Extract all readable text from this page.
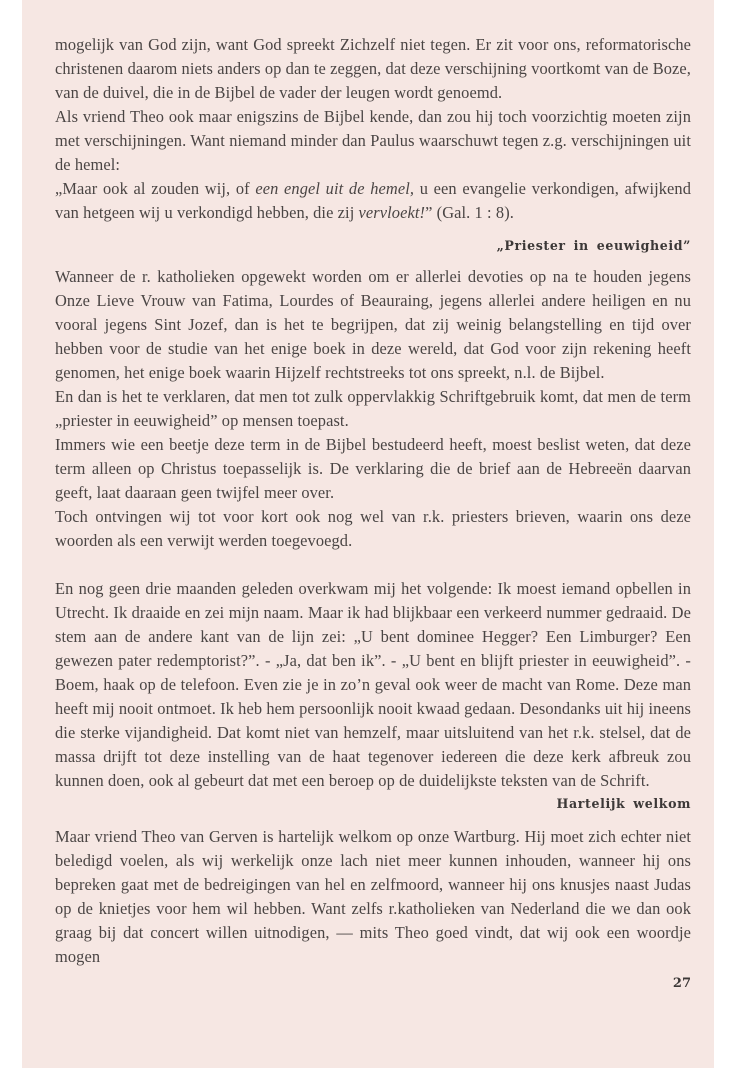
mogelijk van God zijn, want God spreekt Zichzelf niet tegen. Er zit voor ons, reformatorische christenen daarom niets anders op dan te zeggen, dat deze verschijning voortkomt van de Boze, van de duivel, die in de Bijbel de vader der leugen wordt genoemd.

Als vriend Theo ook maar enigszins de Bijbel kende, dan zou hij toch voorzichtig moeten zijn met verschijningen. Want niemand minder dan Paulus waarschuwt tegen z.g. verschijningen uit de hemel:

„Maar ook al zouden wij, of een engel uit de hemel, u een evangelie verkondigen, afwijkend van hetgeen wij u verkondigd hebben, die zij vervloekt!” (Gal. 1 : 8).

„Priester in eeuwigheid”

Wanneer de r. katholieken opgewekt worden om er allerlei devoties op na te houden jegens Onze Lieve Vrouw van Fatima, Lourdes of Beauraing, jegens allerlei andere heiligen en nu vooral jegens Sint Jozef, dan is het te begrijpen, dat zij weinig belangstelling en tijd over hebben voor de studie van het enige boek in deze wereld, dat God voor zijn rekening heeft genomen, het enige boek waarin Hijzelf rechtstreeks tot ons spreekt, n.l. de Bijbel.

En dan is het te verklaren, dat men tot zulk oppervlakkig Schriftgebruik komt, dat men de term „priester in eeuwigheid” op mensen toepast.

Immers wie een beetje deze term in de Bijbel bestudeerd heeft, moest beslist weten, dat deze term alleen op Christus toepasselijk is. De verklaring die de brief aan de Hebreeën daarvan geeft, laat daaraan geen twijfel meer over.

Toch ontvingen wij tot voor kort ook nog wel van r.k. priesters brieven, waarin ons deze woorden als een verwijt werden toegevoegd.

En nog geen drie maanden geleden overkwam mij het volgende: Ik moest iemand opbellen in Utrecht. Ik draaide en zei mijn naam. Maar ik had blijkbaar een verkeerd nummer gedraaid. De stem aan de andere kant van de lijn zei: „U bent dominee Hegger? Een Limburger? Een gewezen pater redemptorist?”. - „Ja, dat ben ik”. - „U bent en blijft priester in eeuwigheid”. - Boem, haak op de telefoon. Even zie je in zo’n geval ook weer de macht van Rome. Deze man heeft mij nooit ontmoet. Ik heb hem persoonlijk nooit kwaad gedaan. Desondanks uit hij ineens die sterke vijandigheid. Dat komt niet van hemzelf, maar uitsluitend van het r.k. stelsel, dat de massa drijft tot deze instelling van de haat tegenover iedereen die deze kerk afbreuk zou kunnen doen, ook al gebeurt dat met een beroep op de duidelijkste teksten van de Schrift.

Hartelijk welkom

Maar vriend Theo van Gerven is hartelijk welkom op onze Wartburg. Hij moet zich echter niet beledigd voelen, als wij werkelijk onze lach niet meer kunnen inhouden, wanneer hij ons bepreken gaat met de bedreigingen van hel en zelfmoord, wanneer hij ons knusjes naast Judas op de knietjes voor hem wil hebben. Want zelfs r.katholieken van Nederland die we dan ook graag bij dat concert willen uitnodigen, — mits Theo goed vindt, dat wij ook een woordje mogen

27
